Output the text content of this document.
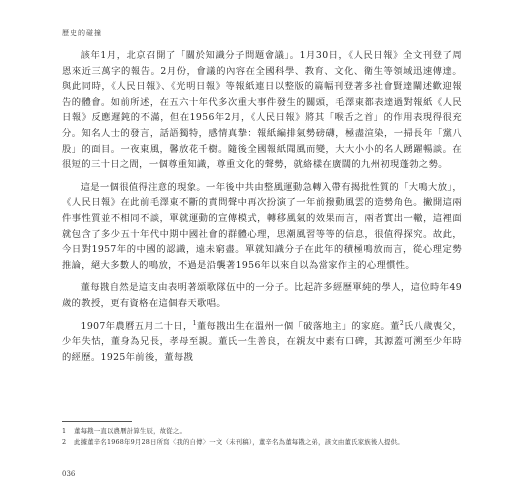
歷史的碰撞

該年1月，北京召開了「關於知識分子問題會議」。1月30日，《人民日報》全文刊登了周恩來近三萬字的報告。2月份，會議的內容在全國科學、教育、文化、衛生等領域迅速傳達。與此同時，《人民日報》、《光明日報》等報紙連日以整版的篇幅刊登著多社會賢達闡述歡迎報告的體會。如前所述，在五六十年代多次重大事件發生的關頭，毛澤東都表達過對報紙《人民日報》反應遲鈍的不滿，但在1956年2月，《人民日報》將其「喉舌之首」的作用表現得很充分。知名人士的發言，話語獨特，感情真摯：報紙編排氣勢磅礴，極盡渲染，一掃長年「黨八股」的面目。一夜東風，馨放花千樹。隨後全國報紙聞風而變，大大小小的名人踴躍暢談。在很短的三十日之間，一個尊重知識，尊重文化的聲勢，就絡樣在廣闊的九州初現蓬勃之勢。

這是一個很值得注意的現象。一年後中共由整風運動急轉入帶有揭批性質的「大鳴大放」，《人民日報》在此前毛澤東不斷的責問聲中再次扮演了一年前撥動風雲的造勢角色。撇開這兩件事性質並不相同不談，單就運動的宣傳模式，轉移風氣的效果而言，兩者實出一轍，這裡面就包含了多少五十年代中期中國社會的群體心理，思潮風習等等的信息，很值得探究。故此，今日對1957年的中國的認識，遠未窮盡。單就知識分子在此年的積極鳴放而言，從心理定勢推論，絕大多數人的鳴放，不過是沿襲著1956年以來自以為當家作主的心理慣性。

董每戡自然是這支由表明著頌歌隊伍中的一分子。比起許多經歷單純的學人，這位時年49歲的教授，更有資格在這個春天歌唱。

1907年農曆五月二十日，$^1$董每戡出生在溫州一個「破落地主」的家庭。董$^2$氏八歲喪父，少年失怙，董身為兄長，孝母至親。董氏一生善良，在親友中素有口碑，其源蓋可溯至少年時的經歷。1925年前後，董每戡

1	董每戡一直以農曆計算生辰，故從之。
2	此據董辛名1968年9月28日所寫〈我的自傳〉一文（未刊稿），董辛名為董每戡之弟，該文由董氏家族後人提供。
036
